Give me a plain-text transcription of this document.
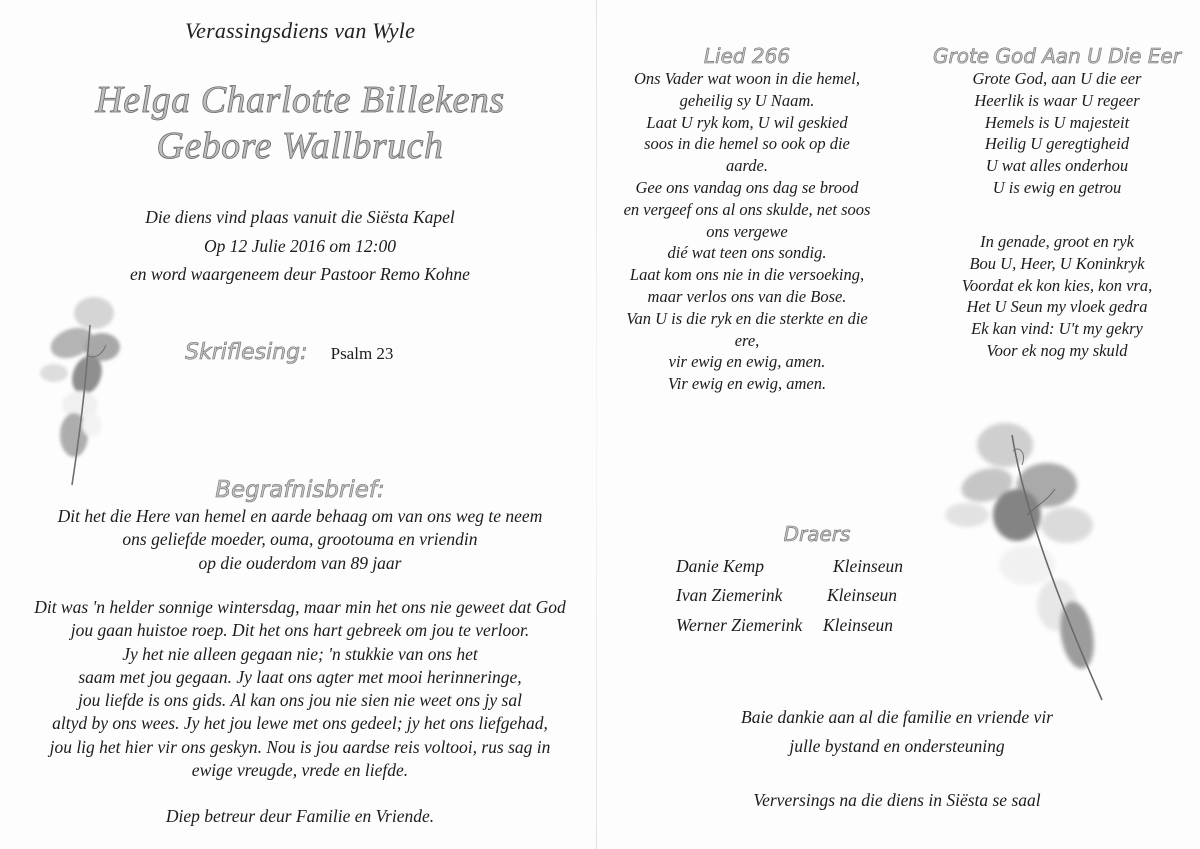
Verassingsdiens van Wyle
Helga Charlotte Billekens
Gebore Wallbruch
Die diens vind plaas vanuit die Siësta Kapel
Op 12 Julie 2016 om 12:00
en word waargeneem deur Pastoor Remo Kohne
Skriflesing: Psalm 23
Begrafnisbrief:
Dit het die Here van hemel en aarde behaag om van ons weg te neem
ons geliefde moeder, ouma, grootouma en vriendin
op die ouderdom van 89 jaar
Dit was 'n helder sonnige wintersdag, maar min het ons nie geweet dat God
jou gaan huistoe roep. Dit het ons hart gebreek om jou te verloor.
Jy het nie alleen gegaan nie; 'n stukkie van ons het
saam met jou gegaan. Jy laat ons agter met mooi herinneringe,
jou liefde is ons gids. Al kan ons jou nie sien nie weet ons jy sal
altyd by ons wees. Jy het jou lewe met ons gedeel; jy het ons liefgehad,
jou lig het hier vir ons geskyn. Nou is jou aardse reis voltooi, rus sag in
ewige vreugde, vrede en liefde.
Diep betreur deur Familie en Vriende.
Lied 266
Ons Vader wat woon in die hemel,
geheilig sy U Naam.
Laat U ryk kom, U wil geskied
soos in die hemel so ook op die
aarde.
Gee ons vandag ons dag se brood
en vergeef ons al ons skulde, net soos
ons vergewe
dié wat teen ons sondig.
Laat kom ons nie in die versoeking,
maar verlos ons van die Bose.
Van U is die ryk en die sterkte en die
ere,
vir ewig en ewig, amen.
Vir ewig en ewig, amen.
Grote God Aan U Die Eer
Grote God, aan U die eer
Heerlik is waar U regeer
Hemels is U majesteit
Heilig U geregtigheid
U wat alles onderhou
U is ewig en getrou
In genade, groot en ryk
Bou U, Heer, U Koninkryk
Voordat ek kon kies, kon vra,
Het U Seun my vloek gedra
Ek kan vind: U't my gekry
Voor ek nog my skuld
Draers
Danie Kemp	Kleinseun
Ivan Ziemerink	Kleinseun
Werner Ziemerink Kleinseun
Baie dankie aan al die familie en vriende vir
julle bystand en ondersteuning
Verversings na die diens in Siësta se saal
